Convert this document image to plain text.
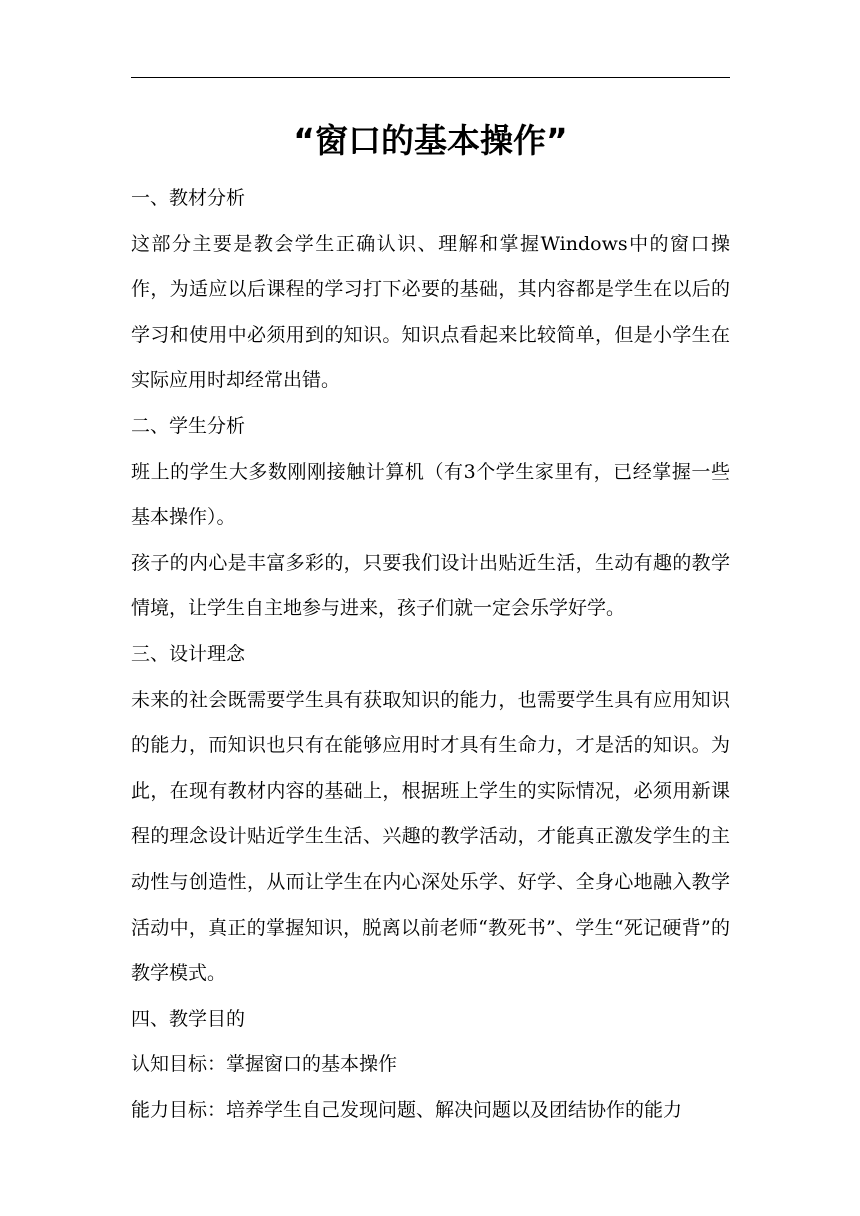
“窗口的基本操作”
一、教材分析

这部分主要是教会学生正确认识、理解和掌握Windows中的窗口操作，为适应以后课程的学习打下必要的基础，其内容都是学生在以后的学习和使用中必须用到的知识。知识点看起来比较简单，但是小学生在实际应用时却经常出错。

二、学生分析

班上的学生大多数刚刚接触计算机（有3个学生家里有，已经掌握一些基本操作）。

孩子的内心是丰富多彩的，只要我们设计出贴近生活，生动有趣的教学情境，让学生自主地参与进来，孩子们就一定会乐学好学。

三、设计理念

未来的社会既需要学生具有获取知识的能力，也需要学生具有应用知识的能力，而知识也只有在能够应用时才具有生命力，才是活的知识。为此，在现有教材内容的基础上，根据班上学生的实际情况，必须用新课程的理念设计贴近学生生活、兴趣的教学活动，才能真正激发学生的主动性与创造性，从而让学生在内心深处乐学、好学、全身心地融入教学活动中，真正的掌握知识，脱离以前老师“教死书”、学生“死记硬背”的教学模式。

四、教学目的

认知目标：掌握窗口的基本操作

能力目标：培养学生自己发现问题、解决问题以及团结协作的能力
